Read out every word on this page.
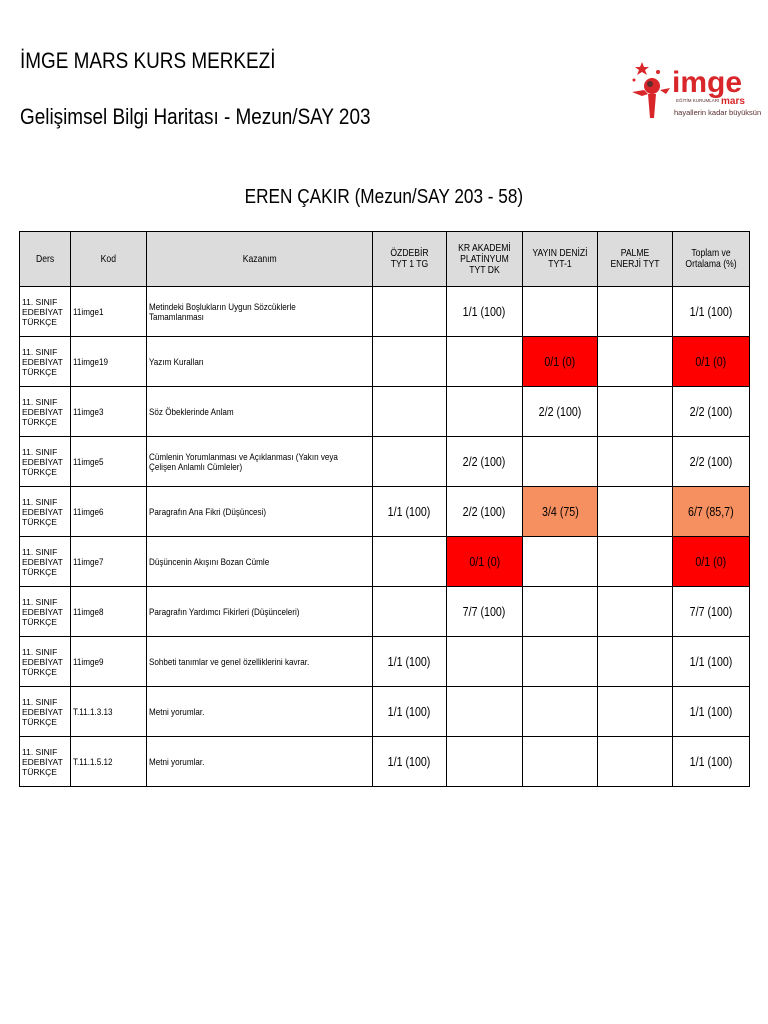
İMGE MARS KURS MERKEZİ
Gelişimsel Bilgi Haritası - Mezun/SAY 203
imge
EĞİTİM KURUMLARI mars
hayallerin kadar büyüksün
EREN ÇAKIR (Mezun/SAY 203 - 58)
Ders	Kod	Kazanım	ÖZDEBİR TYT 1 TG	KR AKADEMİ PLATİNYUM TYT DK	YAYIN DENİZİ TYT-1	PALME ENERJİ TYT	Toplam ve Ortalama (%)
11. SINIF EDEBİYAT TÜRKÇE	11imge1	Metindeki Boşlukların Uygun Sözcüklerle Tamamlanması		1/1 (100)			1/1 (100)
11. SINIF EDEBİYAT TÜRKÇE	11imge19	Yazım Kuralları			0/1 (0)		0/1 (0)
11. SINIF EDEBİYAT TÜRKÇE	11imge3	Söz Öbeklerinde Anlam			2/2 (100)		2/2 (100)
11. SINIF EDEBİYAT TÜRKÇE	11imge5	Cümlenin Yorumlanması ve Açıklanması (Yakın veya Çelişen Anlamlı Cümleler)		2/2 (100)			2/2 (100)
11. SINIF EDEBİYAT TÜRKÇE	11imge6	Paragrafın Ana Fikri (Düşüncesi)	1/1 (100)	2/2 (100)	3/4 (75)		6/7 (85,7)
11. SINIF EDEBİYAT TÜRKÇE	11imge7	Düşüncenin Akışını Bozan Cümle		0/1 (0)			0/1 (0)
11. SINIF EDEBİYAT TÜRKÇE	11imge8	Paragrafın Yardımcı Fikirleri (Düşünceleri)		7/7 (100)			7/7 (100)
11. SINIF EDEBİYAT TÜRKÇE	11imge9	Sohbeti tanımlar ve genel özelliklerini kavrar.	1/1 (100)				1/1 (100)
11. SINIF EDEBİYAT TÜRKÇE	T.11.1.3.13	Metni yorumlar.	1/1 (100)				1/1 (100)
11. SINIF EDEBİYAT TÜRKÇE	T.11.1.5.12	Metni yorumlar.	1/1 (100)				1/1 (100)
